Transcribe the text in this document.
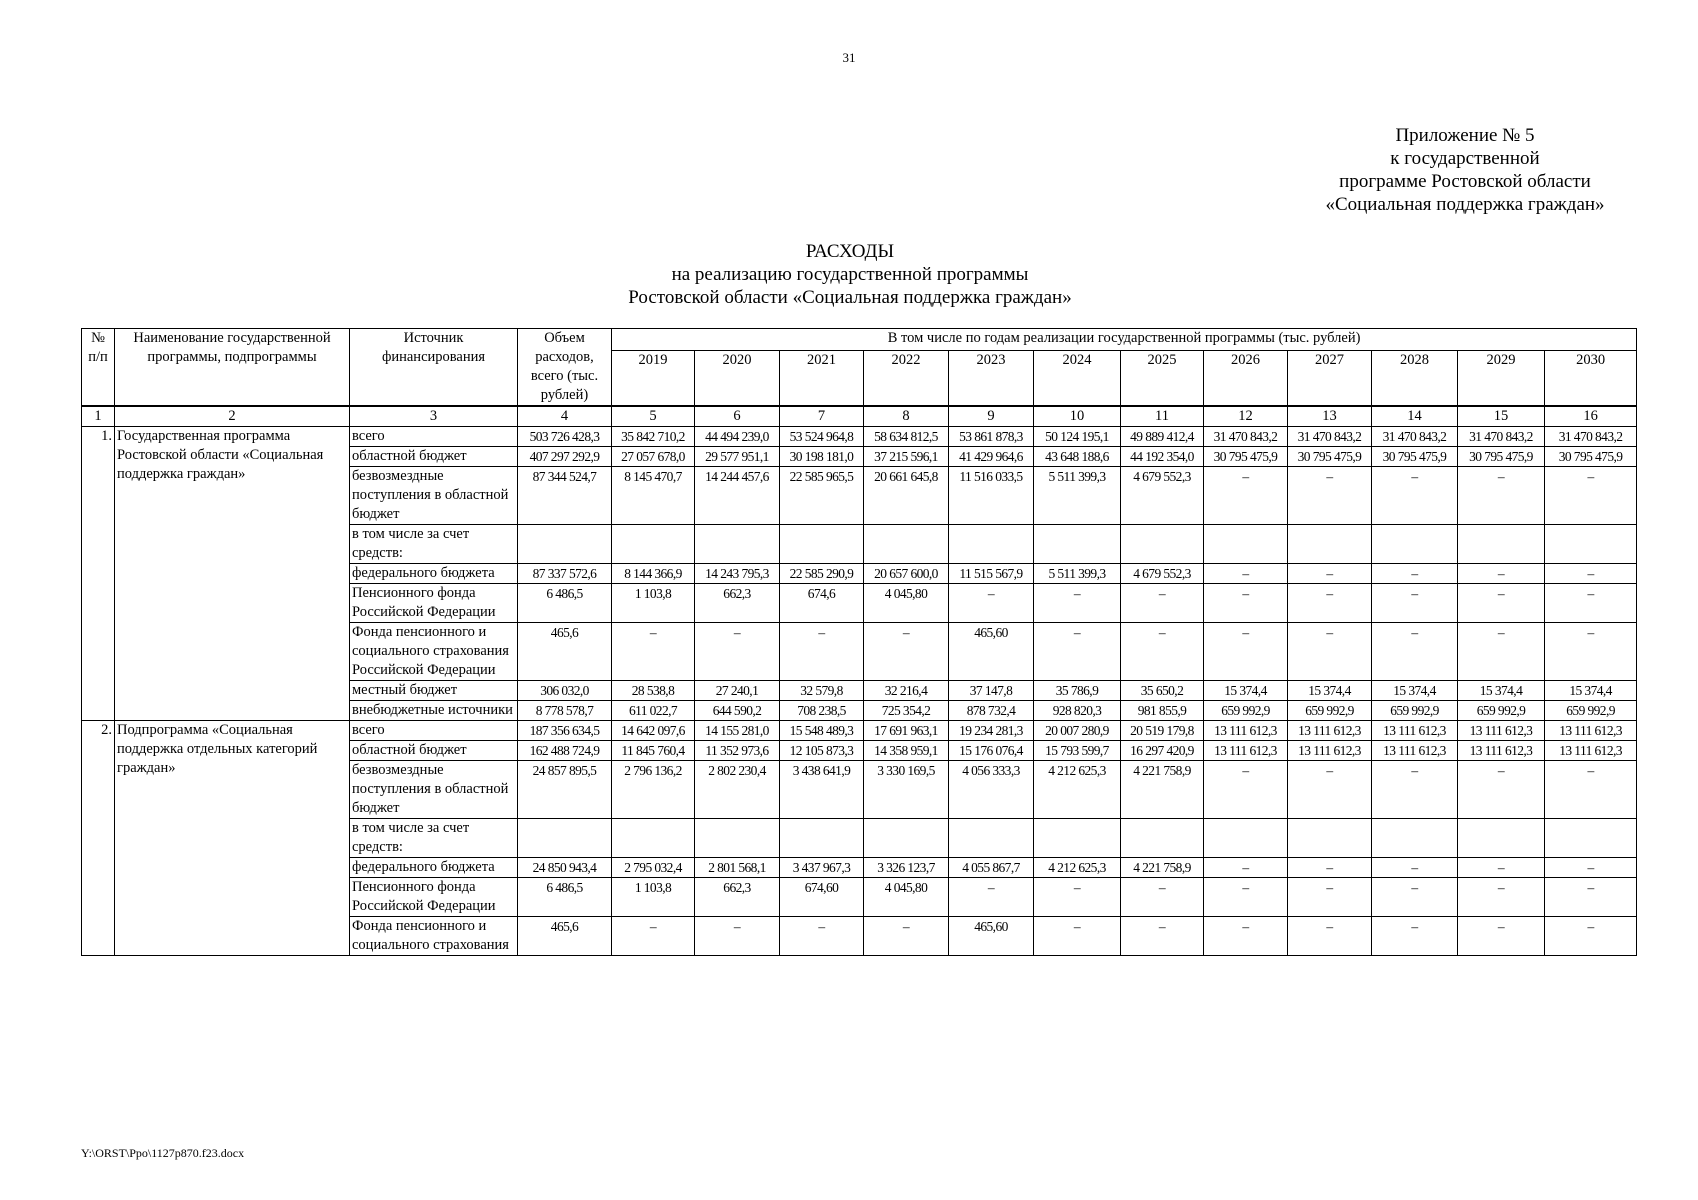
31
Приложение № 5
к государственной
программе Ростовской области
«Социальная поддержка граждан»
РАСХОДЫ
на реализацию государственной программы
Ростовской области «Социальная поддержка граждан»
№ п/п	Наименование государственной программы, подпрограммы	Источник финансирования	Объем расходов, всего (тыс. рублей)	В том числе по годам реализации государственной программы (тыс. рублей)											
				2019	2020	2021	2022	2023	2024	2025	2026	2027	2028	2029	2030
1	2	3	4	5	6	7	8	9	10	11	12	13	14	15	16
1.	Государственная программа Ростовской области «Социальная поддержка граждан»	всего	503 726 428,3	35 842 710,2	44 494 239,0	53 524 964,8	58 634 812,5	53 861 878,3	50 124 195,1	49 889 412,4	31 470 843,2	31 470 843,2	31 470 843,2	31 470 843,2	31 470 843,2
		областной бюджет	407 297 292,9	27 057 678,0	29 577 951,1	30 198 181,0	37 215 596,1	41 429 964,6	43 648 188,6	44 192 354,0	30 795 475,9	30 795 475,9	30 795 475,9	30 795 475,9	30 795 475,9
		безвозмездные поступления в областной бюджет	87 344 524,7	8 145 470,7	14 244 457,6	22 585 965,5	20 661 645,8	11 516 033,5	5 511 399,3	4 679 552,3	–	–	–	–	–
		в том числе за счет средств:													
		федерального бюджета	87 337 572,6	8 144 366,9	14 243 795,3	22 585 290,9	20 657 600,0	11 515 567,9	5 511 399,3	4 679 552,3	–	–	–	–	–
		Пенсионного фонда Российской Федерации	6 486,5	1 103,8	662,3	674,6	4 045,80	–	–	–	–	–	–	–	–
		Фонда пенсионного и социального страхования Российской Федерации	465,6	–	–	–	–	465,60	–	–	–	–	–	–	–
		местный бюджет	306 032,0	28 538,8	27 240,1	32 579,8	32 216,4	37 147,8	35 786,9	35 650,2	15 374,4	15 374,4	15 374,4	15 374,4	15 374,4
		внебюджетные источники	8 778 578,7	611 022,7	644 590,2	708 238,5	725 354,2	878 732,4	928 820,3	981 855,9	659 992,9	659 992,9	659 992,9	659 992,9	659 992,9
2.	Подпрограмма «Социальная поддержка отдельных категорий граждан»	всего	187 356 634,5	14 642 097,6	14 155 281,0	15 548 489,3	17 691 963,1	19 234 281,3	20 007 280,9	20 519 179,8	13 111 612,3	13 111 612,3	13 111 612,3	13 111 612,3	13 111 612,3
		областной бюджет	162 488 724,9	11 845 760,4	11 352 973,6	12 105 873,3	14 358 959,1	15 176 076,4	15 793 599,7	16 297 420,9	13 111 612,3	13 111 612,3	13 111 612,3	13 111 612,3	13 111 612,3
		безвозмездные поступления в областной бюджет	24 857 895,5	2 796 136,2	2 802 230,4	3 438 641,9	3 330 169,5	4 056 333,3	4 212 625,3	4 221 758,9	–	–	–	–	–
		в том числе за счет средств:													
		федерального бюджета	24 850 943,4	2 795 032,4	2 801 568,1	3 437 967,3	3 326 123,7	4 055 867,7	4 212 625,3	4 221 758,9	–	–	–	–	–
		Пенсионного фонда Российской Федерации	6 486,5	1 103,8	662,3	674,60	4 045,80	–	–	–	–	–	–	–	–
		Фонда пенсионного и социального страхования	465,6	–	–	–	–	465,60	–	–	–	–	–	–	–
Y:\ORST\Ppo\1127p870.f23.docx
